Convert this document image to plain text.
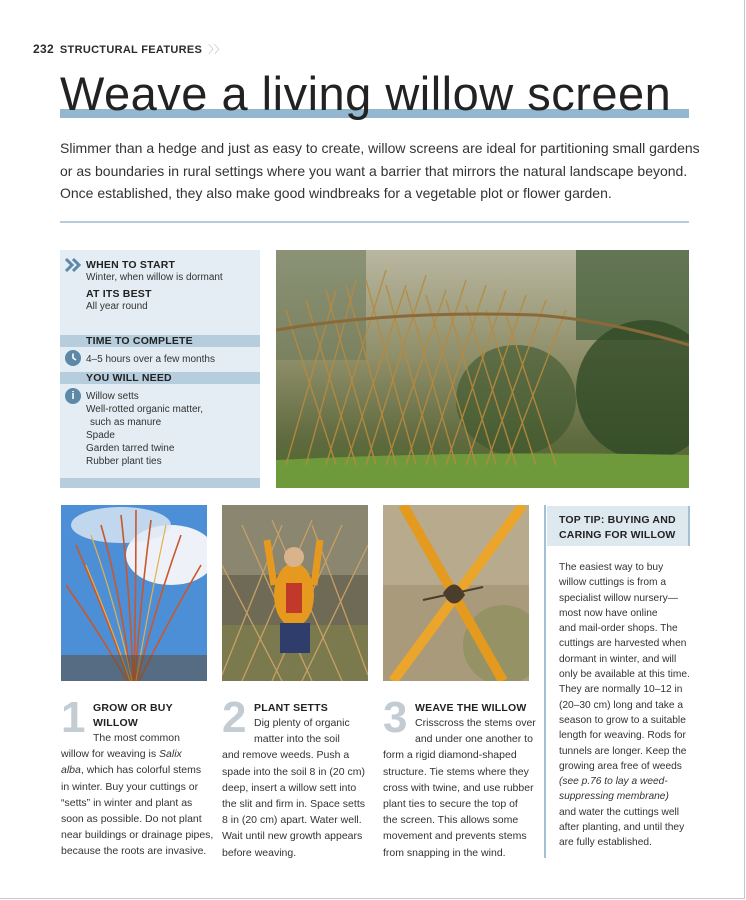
232 STRUCTURAL FEATURES 〉〉
Weave a living willow screen
Slimmer than a hedge and just as easy to create, willow screens are ideal for partitioning small gardens or as boundaries in rural settings where you want a barrier that mirrors the natural landscape beyond. Once established, they also make good windbreaks for a vegetable plot or flower garden.
WHEN TO START
Winter, when willow is dormant
AT ITS BEST
All year round
TIME TO COMPLETE
4–5 hours over a few months
YOU WILL NEED
i	Willow setts
Well-rotted organic matter,
such as manure
Spade
Garden tarred twine
Rubber plant ties
1 GROW OR BUY
WILLOW
The most common
willow for weaving is Salix
alba, which has colorful stems
in winter. Buy your cuttings or
“setts” in winter and plant as
soon as possible. Do not plant
near buildings or drainage pipes,
because the roots are invasive.
2 PLANT SETTS
Dig plenty of organic
matter into the soil
and remove weeds. Push a
spade into the soil 8 in (20 cm)
deep, insert a willow sett into
the slit and firm in. Space setts
8 in (20 cm) apart. Water well.
Wait until new growth appears
before weaving.
3 WEAVE THE WILLOW
Crisscross the stems over
and under one another to
form a rigid diamond-shaped
structure. Tie stems where they
cross with twine, and use rubber
plant ties to secure the top of
the screen. This allows some
movement and prevents stems
from snapping in the wind.
TOP TIP: BUYING AND
CARING FOR WILLOW
The easiest way to buy
willow cuttings is from a
specialist willow nursery—
most now have online
and mail-order shops. The
cuttings are harvested when
dormant in winter, and will
only be available at this time.
They are normally 10–12 in
(20–30 cm) long and take a
season to grow to a suitable
length for weaving. Rods for
tunnels are longer. Keep the
growing area free of weeds
(see p.76 to lay a weed-
suppressing membrane)
and water the cuttings well
after planting, and until they
are fully established.
